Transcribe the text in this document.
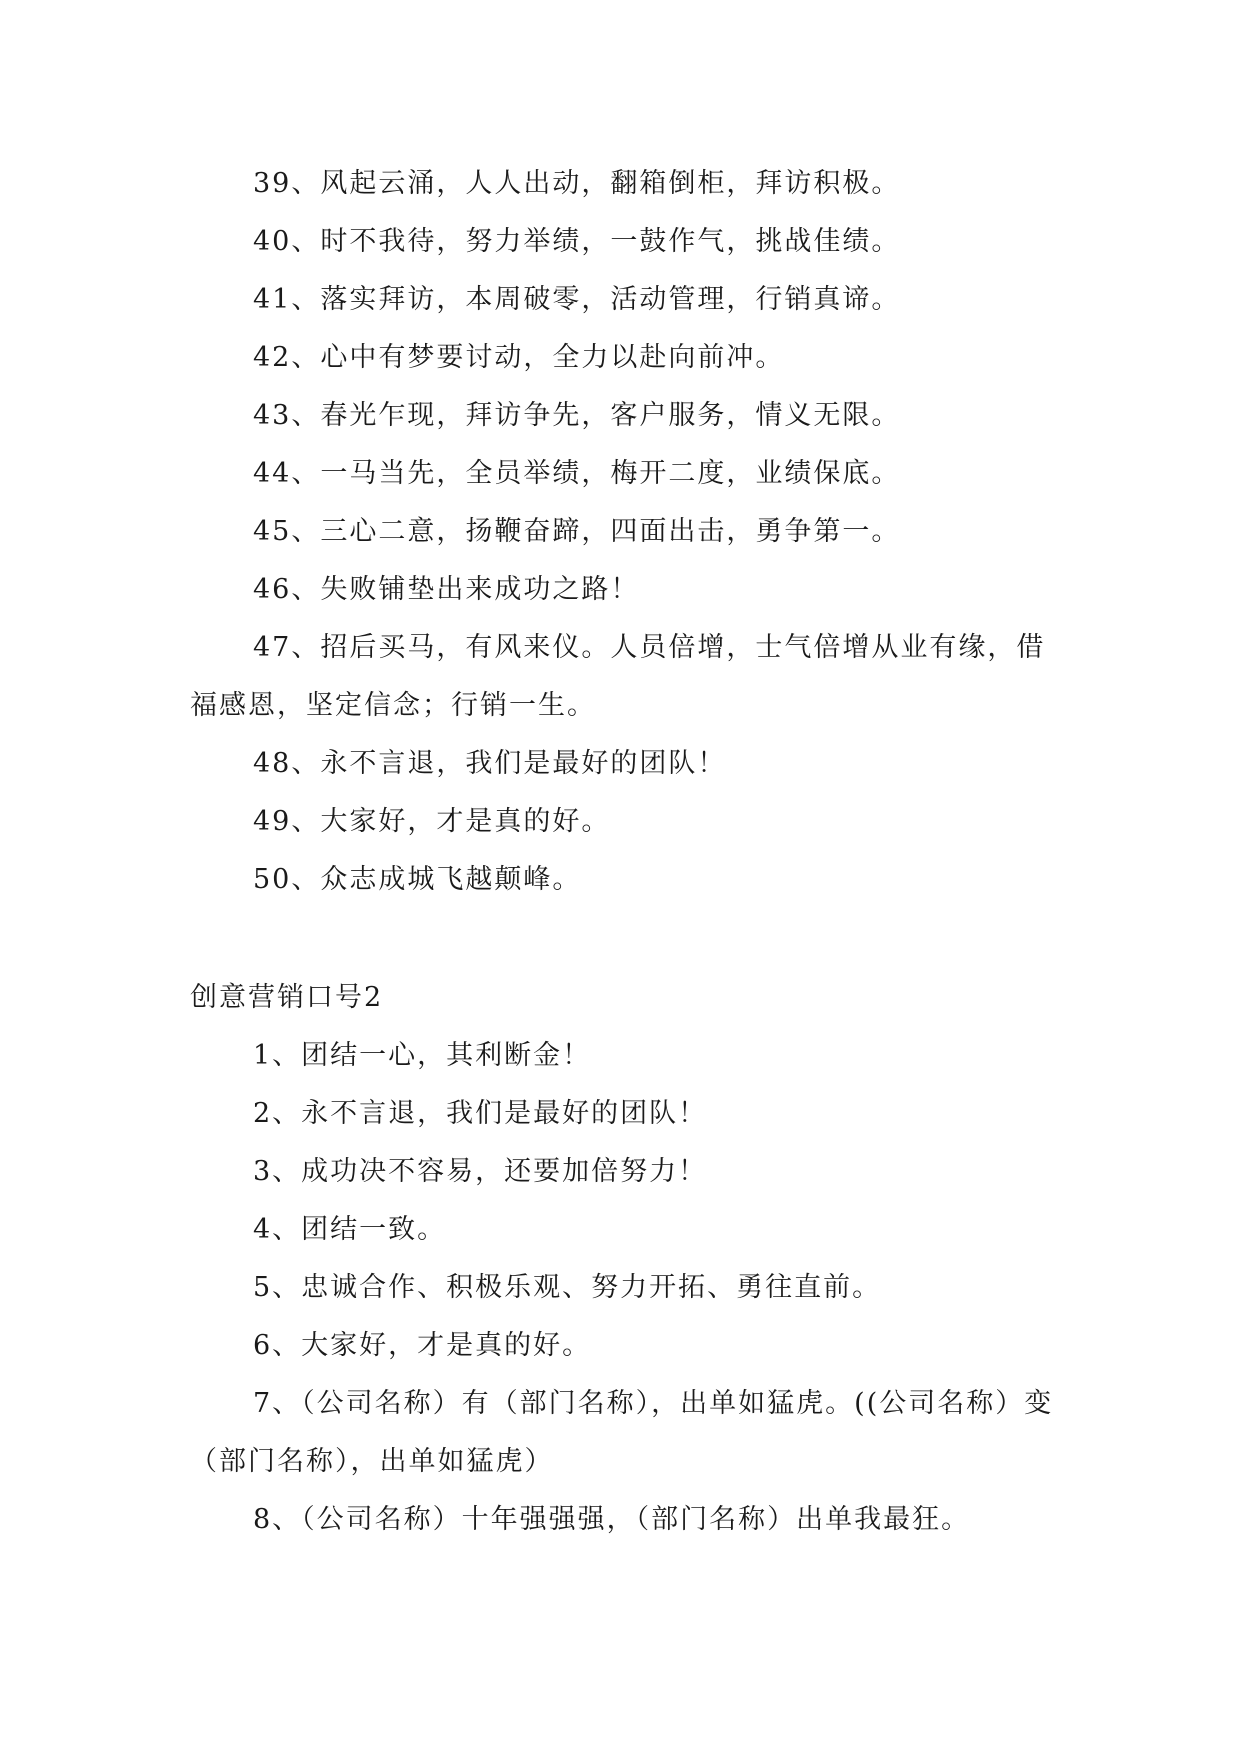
39、风起云涌，人人出动，翻箱倒柜，拜访积极。

40、时不我待，努力举绩，一鼓作气，挑战佳绩。

41、落实拜访，本周破零，活动管理，行销真谛。

42、心中有梦要讨动，全力以赴向前冲。

43、春光乍现，拜访争先，客户服务，情义无限。

44、一马当先，全员举绩，梅开二度，业绩保底。

45、三心二意，扬鞭奋蹄，四面出击，勇争第一。

46、失败铺垫出来成功之路！

47、招后买马，有风来仪。人员倍增，士气倍增从业有缘，借福感恩，坚定信念；行销一生。

48、永不言退，我们是最好的团队！

49、大家好，才是真的好。

50、众志成城飞越颠峰。

创意营销口号2

1、团结一心，其利断金！

2、永不言退，我们是最好的团队！

3、成功决不容易，还要加倍努力！

4、团结一致。

5、忠诚合作、积极乐观、努力开拓、勇往直前。

6、大家好，才是真的好。

7、（公司名称）有（部门名称），出单如猛虎。((公司名称）变（部门名称），出单如猛虎）

8、（公司名称）十年强强强，（部门名称）出单我最狂。
